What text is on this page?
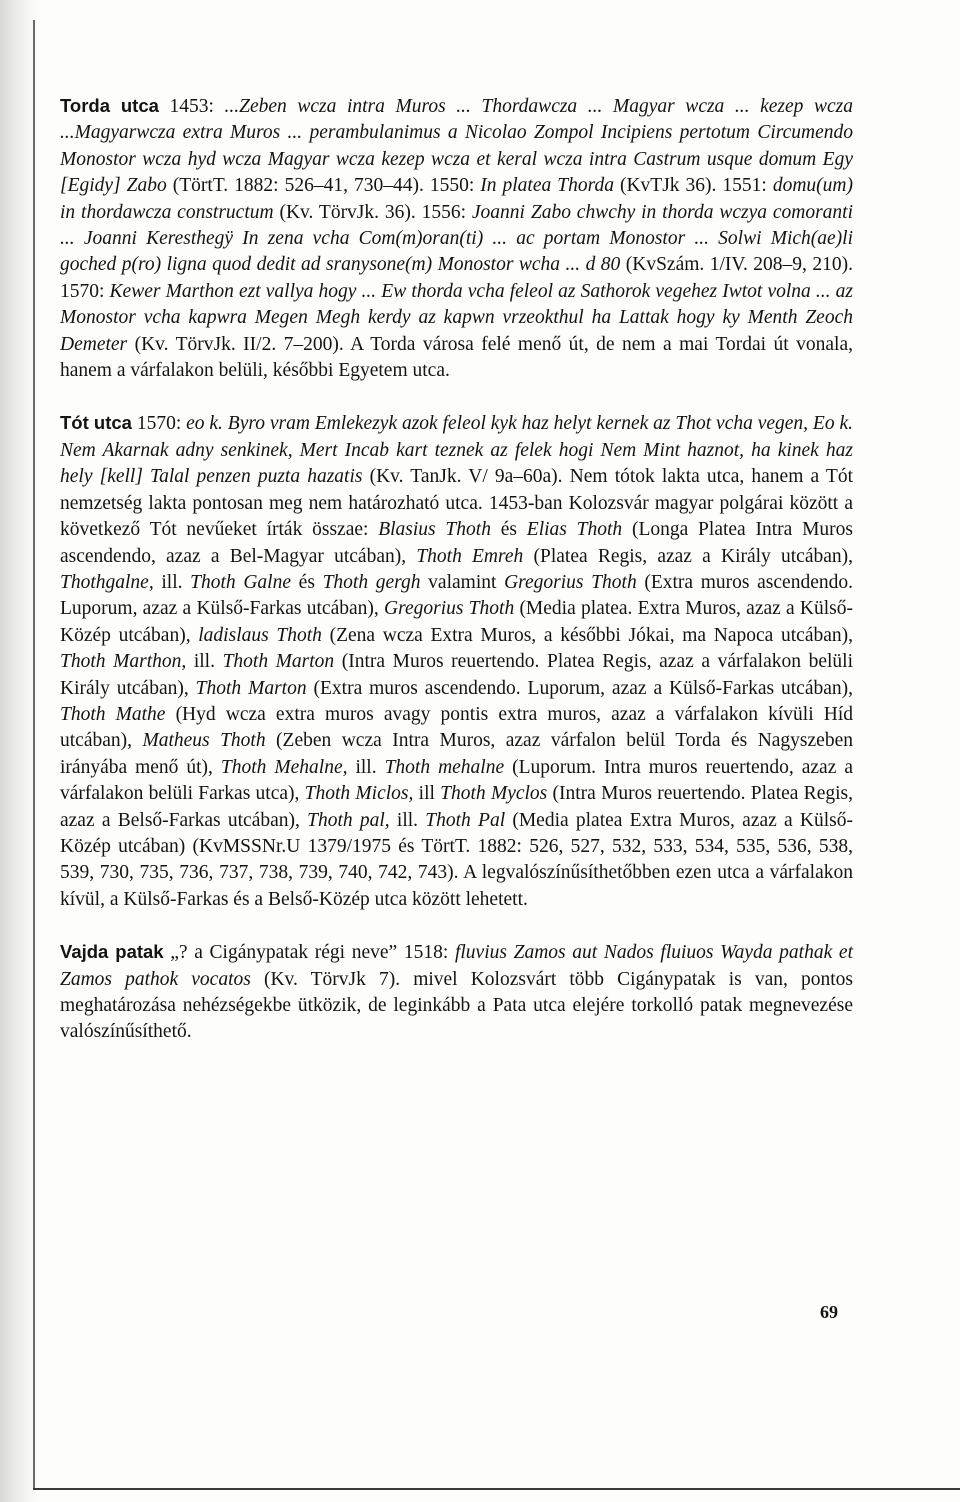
Torda utca 1453: ...Zeben wcza intra Muros ... Thordawcza ... Magyar wcza ... kezep wcza ...Magyarwcza extra Muros ... perambulanimus a Nicolao Zompol Incipiens pertotum Circumendo Monostor wcza hyd wcza Magyar wcza kezep wcza et keral wcza intra Castrum usque domum Egy [Egidy] Zabo (TörtT. 1882: 526–41, 730–44). 1550: In platea Thorda (KvTJk 36). 1551: domu(um) in thordawcza constructum (Kv. TörvJk. 36). 1556: Joanni Zabo chwchy in thorda wczya comoranti ... Joanni Keresthegÿ In zena vcha Com(m)oran(ti) ... ac portam Monostor ... Solwi Mich(ae)li goched p(ro) ligna quod dedit ad sranysone(m) Monostor wcha ... d 80 (KvSzám. 1/IV. 208–9, 210). 1570: Kewer Marthon ezt vallya hogy ... Ew thorda vcha feleol az Sathorok vegehez Iwtot volna ... az Monostor vcha kapwra Megen Megh kerdy az kapwn vrzeokthul ha Lattak hogy ky Menth Zeoch Demeter (Kv. TörvJk. II/2. 7–200). A Torda városa felé menő út, de nem a mai Tordai út vonala, hanem a várfalakon belüli, későbbi Egyetem utca.

Tót utca 1570: eo k. Byro vram Emlekezyk azok feleol kyk haz helyt kernek az Thot vcha vegen, Eo k. Nem Akarnak adny senkinek, Mert Incab kart teznek az felek hogi Nem Mint haznot, ha kinek haz hely [kell] Talal penzen puzta hazatis (Kv. TanJk. V/ 9a–60a). Nem tótok lakta utca, hanem a Tót nemzetség lakta pontosan meg nem határozható utca. 1453-ban Kolozsvár magyar polgárai között a következő Tót nevűeket írták összae: Blasius Thoth és Elias Thoth (Longa Platea Intra Muros ascendendo, azaz a Bel-Magyar utcában), Thoth Emreh (Platea Regis, azaz a Király utcában), Thothgalne, ill. Thoth Galne és Thoth gergh valamint Gregorius Thoth (Extra muros ascendendo. Luporum, azaz a Külső-Farkas utcában), Gregorius Thoth (Media platea. Extra Muros, azaz a Külső-Közép utcában), ladislaus Thoth (Zena wcza Extra Muros, a későbbi Jókai, ma Napoca utcában), Thoth Marthon, ill. Thoth Marton (Intra Muros reuertendo. Platea Regis, azaz a várfalakon belüli Király utcában), Thoth Marton (Extra muros ascendendo. Luporum, azaz a Külső-Farkas utcában), Thoth Mathe (Hyd wcza extra muros avagy pontis extra muros, azaz a várfalakon kívüli Híd utcában), Matheus Thoth (Zeben wcza Intra Muros, azaz várfalon belül Torda és Nagyszeben irányába menő út), Thoth Mehalne, ill. Thoth mehalne (Luporum. Intra muros reuertendo, azaz a várfalakon belüli Farkas utca), Thoth Miclos, ill Thoth Myclos (Intra Muros reuertendo. Platea Regis, azaz a Belső-Farkas utcában), Thoth pal, ill. Thoth Pal (Media platea Extra Muros, azaz a Külső-Közép utcában) (KvMSSNr.U 1379/1975 és TörtT. 1882: 526, 527, 532, 533, 534, 535, 536, 538, 539, 730, 735, 736, 737, 738, 739, 740, 742, 743). A legvalószínűsíthetőbben ezen utca a várfalakon kívül, a Külső-Farkas és a Belső-Közép utca között lehetett.

Vajda patak „? a Cigánypatak régi neve” 1518: fluvius Zamos aut Nados fluiuos Wayda pathak et Zamos pathok vocatos (Kv. TörvJk 7). mivel Kolozsvárt több Cigánypatak is van, pontos meghatározása nehézségekbe ütközik, de leginkább a Pata utca elejére torkolló patak megnevezése valószínűsíthető.

69
